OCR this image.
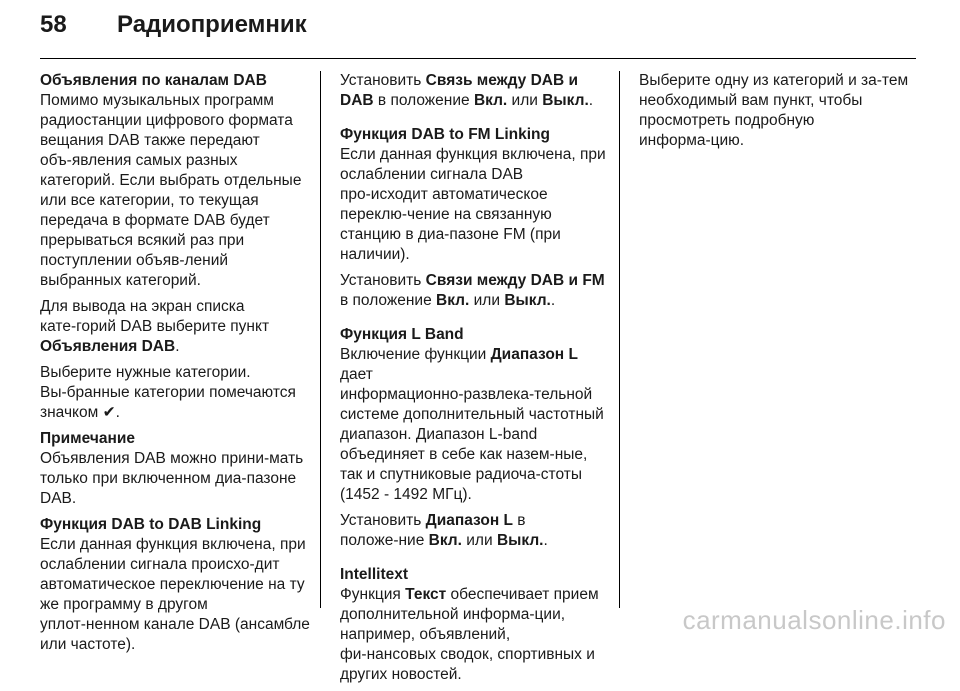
58 Радиоприемник
Объявления по каналам DAB

Помимо музыкальных программ радиостанции цифрового формата вещания DAB также передают объ‑явления самых разных категорий. Если выбрать отдельные или все категории, то текущая передача в формате DAB будет прерываться всякий раз при поступлении объяв‑лений выбранных категорий.

Для вывода на экран списка кате‑горий DAB выберите пункт
Объявления DAB.

Выберите нужные категории. Вы‑бранные категории помечаются значком ✔.

Примечание
Объявления DAB можно прини‑мать только при включенном диа‑пазоне DAB.

Функция DAB to DAB Linking

Если данная функция включена, при ослаблении сигнала происхо‑дит автоматическое переключение на ту же программу в другом уплот‑ненном канале DAB (ансамбле или частоте).

Установить Связь между DAB и DAB в положение Вкл. или Выкл..

Функция DAB to FM Linking

Если данная функция включена, при ослаблении сигнала DAB про‑исходит автоматическое переклю‑чение на связанную станцию в диа‑пазоне FM (при наличии).

Установить Связи между DAB и FM в положение Вкл. или Выкл..

Функция L Band

Включение функции Диапазон L дает информационно‑развлека‑тельной системе дополнительный частотный диапазон. Диапазон L‑band объединяет в себе как назем‑ные, так и спутниковые радиоча‑стоты (1452 - 1492 МГц).

Установить Диапазон L в положе‑ние Вкл. или Выкл..

Intellitext

Функция Текст обеспечивает прием дополнительной информа‑ции, например, объявлений, фи‑нансовых сводок, спортивных и других новостей.

Выберите одну из категорий и за‑тем необходимый вам пункт, чтобы просмотреть подробную информа‑цию.

carmanualsonline.info
